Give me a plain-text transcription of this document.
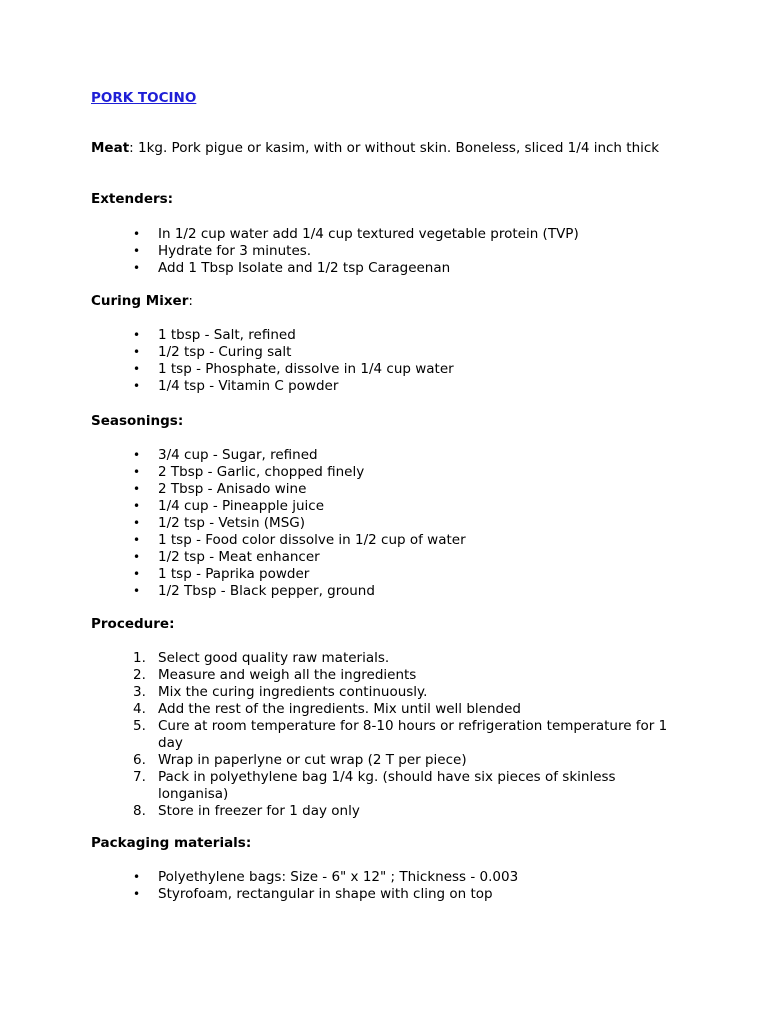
PORK TOCINO

Meat: 1kg. Pork pigue or kasim, with or without skin. Boneless, sliced 1/4 inch thick

Extenders:

• In 1/2 cup water add 1/4 cup textured vegetable protein (TVP)
• Hydrate for 3 minutes.
• Add 1 Tbsp Isolate and 1/2 tsp Carageenan

Curing Mixer:

• 1 tbsp - Salt, refined
• 1/2 tsp - Curing salt
• 1 tsp - Phosphate, dissolve in 1/4 cup water
• 1/4 tsp - Vitamin C powder

Seasonings:

• 3/4 cup - Sugar, refined
• 2 Tbsp - Garlic, chopped finely
• 2 Tbsp - Anisado wine
• 1/4 cup - Pineapple juice
• 1/2 tsp - Vetsin (MSG)
• 1 tsp - Food color dissolve in 1/2 cup of water
• 1/2 tsp - Meat enhancer
• 1 tsp - Paprika powder
• 1/2 Tbsp - Black pepper, ground

Procedure:

1. Select good quality raw materials.
2. Measure and weigh all the ingredients
3. Mix the curing ingredients continuously.
4. Add the rest of the ingredients. Mix until well blended
5. Cure at room temperature for 8-10 hours or refrigeration temperature for 1 day
6. Wrap in paperlyne or cut wrap (2 T per piece)
7. Pack in polyethylene bag 1/4 kg. (should have six pieces of skinless longanisa)
8. Store in freezer for 1 day only

Packaging materials:

• Polyethylene bags: Size - 6" x 12" ; Thickness - 0.003
• Styrofoam, rectangular in shape with cling on top
